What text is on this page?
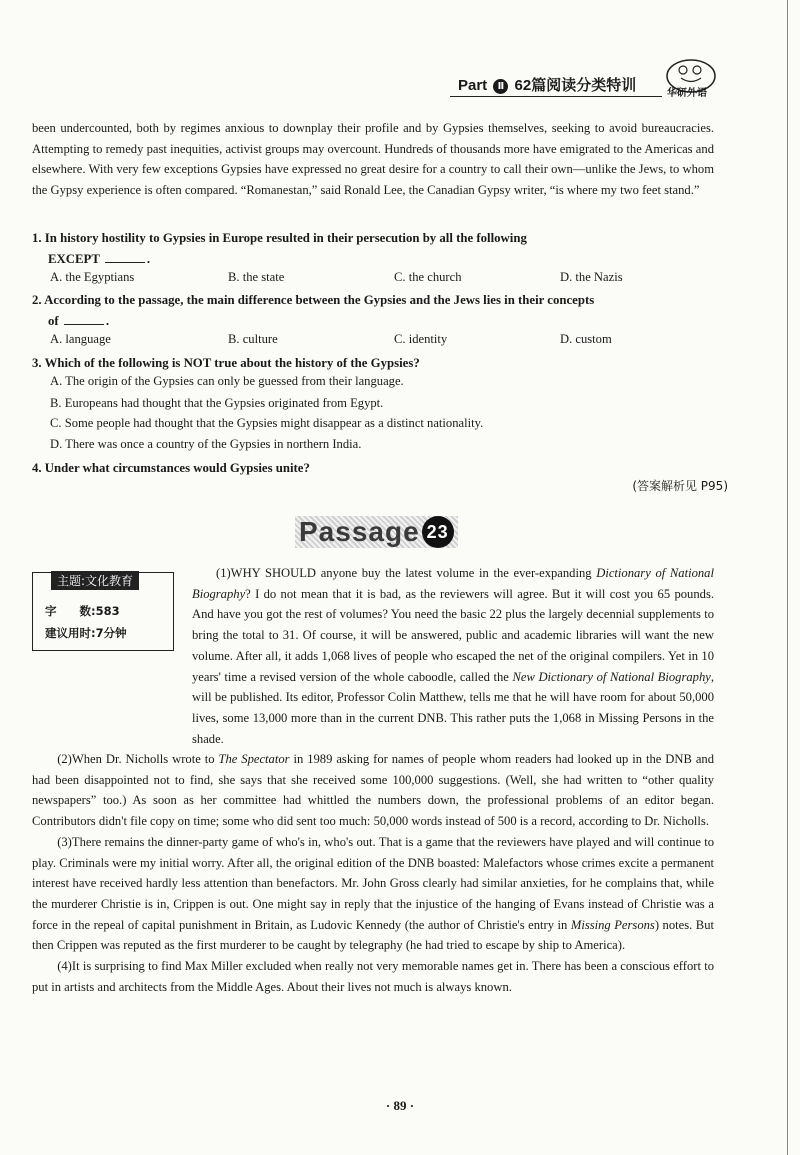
Part Ⅱ 62篇阅读分类特训	华研外语

been undercounted, both by regimes anxious to downplay their profile and by Gypsies themselves, seeking to avoid bureaucracies. Attempting to remedy past inequities, activist groups may overcount. Hundreds of thousands more have emigrated to the Americas and elsewhere. With very few exceptions Gypsies have expressed no great desire for a country to call their own—unlike the Jews, to whom the Gypsy experience is often compared. “Romanestan,” said Ronald Lee, the Canadian Gypsy writer, “is where my two feet stand.”

1. In history hostility to Gypsies in Europe resulted in their persecution by all the following
EXCEPT	.
A. the Egyptians	B. the state	C. the church	D. the Nazis
2. According to the passage, the main difference between the Gypsies and the Jews lies in their concepts
of	.
A. language	B. culture	C. identity	D. custom
3. Which of the following is NOT true about the history of the Gypsies?
A. The origin of the Gypsies can only be guessed from their language.
B. Europeans had thought that the Gypsies originated from Egypt.
C. Some people had thought that the Gypsies might disappear as a distinct nationality.
D. There was once a country of the Gypsies in northern India.
4. Under what circumstances would Gypsies unite?
(答案解析见 P95)
Passage 23
主题:文化教育
字　　数:583
建议用时:7分钟

(1)WHY SHOULD anyone buy the latest volume in the ever-expanding Dictionary of National Biography? I do not mean that it is bad, as the reviewers will agree. But it will cost you 65 pounds. And have you got the rest of volumes? You need the basic 22 plus the largely decennial supplements to bring the total to 31. Of course, it will be answered, public and academic libraries will want the new volume. After all, it adds 1,068 lives of people who escaped the net of the original compilers. Yet in 10 years' time a revised version of the whole caboodle, called the New Dictionary of National Biography, will be published. Its editor, Professor Colin Matthew, tells me that he will have room for about 50,000 lives, some 13,000 more than in the current DNB. This rather puts the 1,068 in Missing Persons in the shade.

(2)When Dr. Nicholls wrote to The Spectator in 1989 asking for names of people whom readers had looked up in the DNB and had been disappointed not to find, she says that she received some 100,000 suggestions. (Well, she had written to “other quality newspapers” too.) As soon as her committee had whittled the numbers down, the professional problems of an editor began. Contributors didn't file copy on time; some who did sent too much: 50,000 words instead of 500 is a record, according to Dr. Nicholls.

(3)There remains the dinner-party game of who's in, who's out. That is a game that the reviewers have played and will continue to play. Criminals were my initial worry. After all, the original edition of the DNB boasted: Malefactors whose crimes excite a permanent interest have received hardly less attention than benefactors. Mr. John Gross clearly had similar anxieties, for he complains that, while the murderer Christie is in, Crippen is out. One might say in reply that the injustice of the hanging of Evans instead of Christie was a force in the repeal of capital punishment in Britain, as Ludovic Kennedy (the author of Christie's entry in Missing Persons) notes. But then Crippen was reputed as the first murderer to be caught by telegraphy (he had tried to escape by ship to America).

(4)It is surprising to find Max Miller excluded when really not very memorable names get in. There has been a conscious effort to put in artists and architects from the Middle Ages. About their lives not much is always known.

· 89 ·
